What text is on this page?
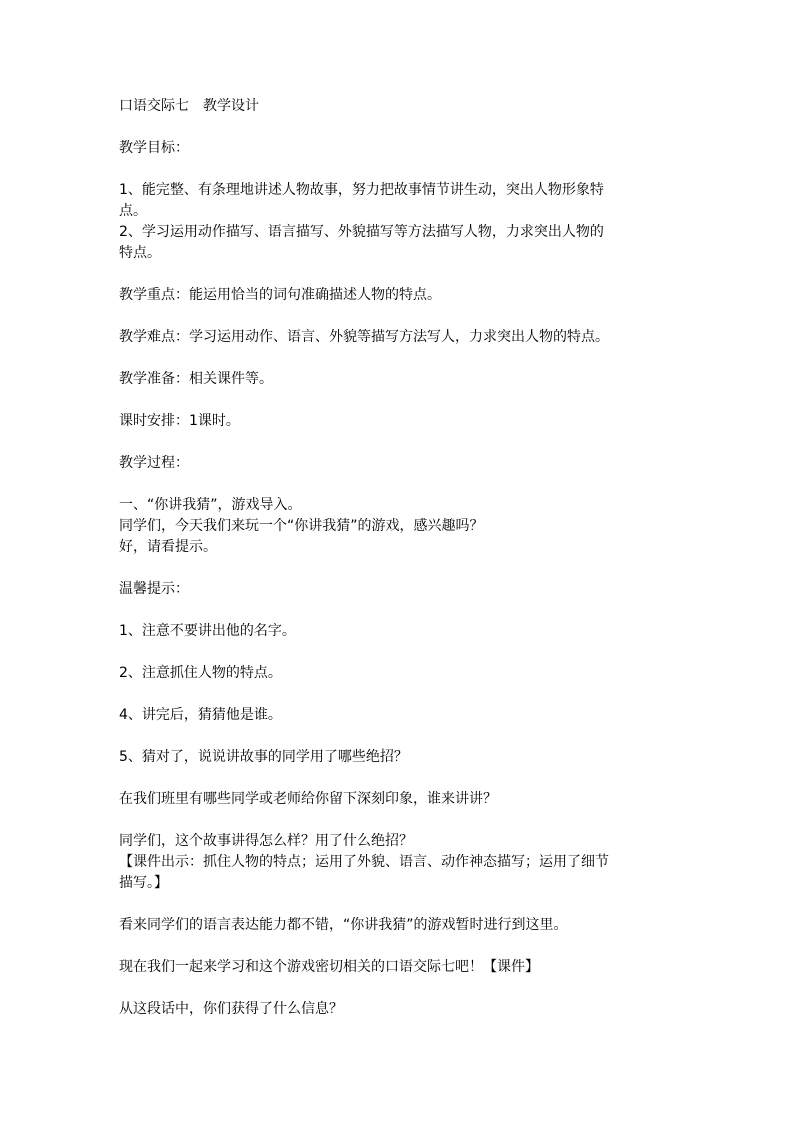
口语交际七　教学设计
教学目标：
1、能完整、有条理地讲述人物故事，努力把故事情节讲生动，突出人物形象特
点。
2、学习运用动作描写、语言描写、外貌描写等方法描写人物，力求突出人物的
特点。
教学重点：能运用恰当的词句准确描述人物的特点。
教学难点：学习运用动作、语言、外貌等描写方法写人，力求突出人物的特点。
教学准备：相关课件等。
课时安排：1课时。
教学过程：
一、“你讲我猜”，游戏导入。
同学们，今天我们来玩一个“你讲我猜”的游戏，感兴趣吗？
好，请看提示。
温馨提示：
1、注意不要讲出他的名字。
2、注意抓住人物的特点。
4、讲完后，猜猜他是谁。
5、猜对了，说说讲故事的同学用了哪些绝招？
在我们班里有哪些同学或老师给你留下深刻印象，谁来讲讲？
同学们，这个故事讲得怎么样？用了什么绝招？
【课件出示：抓住人物的特点；运用了外貌、语言、动作神态描写；运用了细节
描写。】
看来同学们的语言表达能力都不错，“你讲我猜”的游戏暂时进行到这里。
现在我们一起来学习和这个游戏密切相关的口语交际七吧！【课件】
从这段话中，你们获得了什么信息？
